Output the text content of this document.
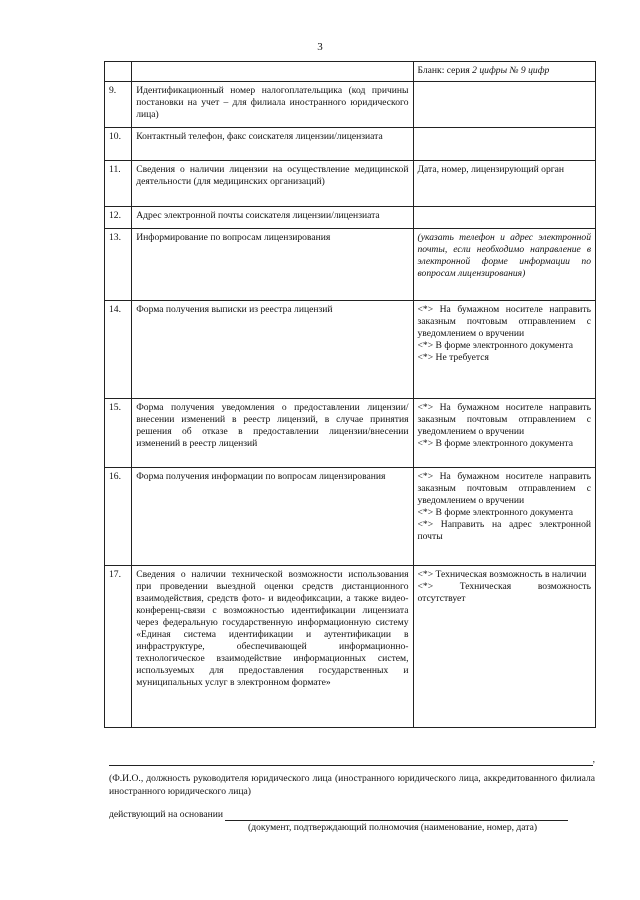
3

		Бланк: серия 2 цифры № 9 цифр

9.	Идентификационный номер налогоплательщика (код причины постановки на учет – для филиала иностранного юридического лица)	
10.	Контактный телефон, факс соискателя лицензии/лицензиата	
11.	Сведения о наличии лицензии на осуществление медицинской деятельности (для медицинских организаций)	Дата, номер, лицензирующий орган
12.	Адрес электронной почты соискателя лицензии/лицензиата	
13.	Информирование по вопросам лицензирования	(указать телефон и адрес электронной почты, если необходимо направление в электронной форме информации по вопросам лицензирования)
14.	Форма получения выписки из реестра лицензий	<*> На бумажном носителе направить заказным почтовым отправлением с уведомлением о вручении
<*> В форме электронного документа
<*> Не требуется

15.	Форма получения уведомления о предоставлении лицензии/внесении изменений в реестр лицензий, в случае принятия решения об отказе в предоставлении лицензии/внесении изменений в реестр лицензий	<*> На бумажном носителе направить заказным почтовым отправлением с уведомлением о вручении
<*> В форме электронного документа

16.	Форма получения информации по вопросам лицензирования	<*> На бумажном носителе направить заказным почтовым отправлением с уведомлением о вручении
<*> В форме электронного документа
<*> Направить на адрес электронной почты

17.	Сведения о наличии технической возможности использования при проведении выездной оценки средств дистанционного взаимодействия, средств фото- и видеофиксации, а также видео-конференц-связи с возможностью идентификации лицензиата через федеральную государственную информационную систему «Единая система идентификации и аутентификации в инфраструктуре, обеспечивающей информационно-технологическое взаимодействие информационных систем, используемых для предоставления государственных и муниципальных услуг в электронном формате»	<*> Техническая возможность в наличии
<*> Техническая возможность отсутствует
,
(Ф.И.О., должность руководителя юридического лица (иностранного юридического лица, аккредитованного филиала иностранного юридического лица)
действующий на основании
(документ, подтверждающий полномочия (наименование, номер, дата)
